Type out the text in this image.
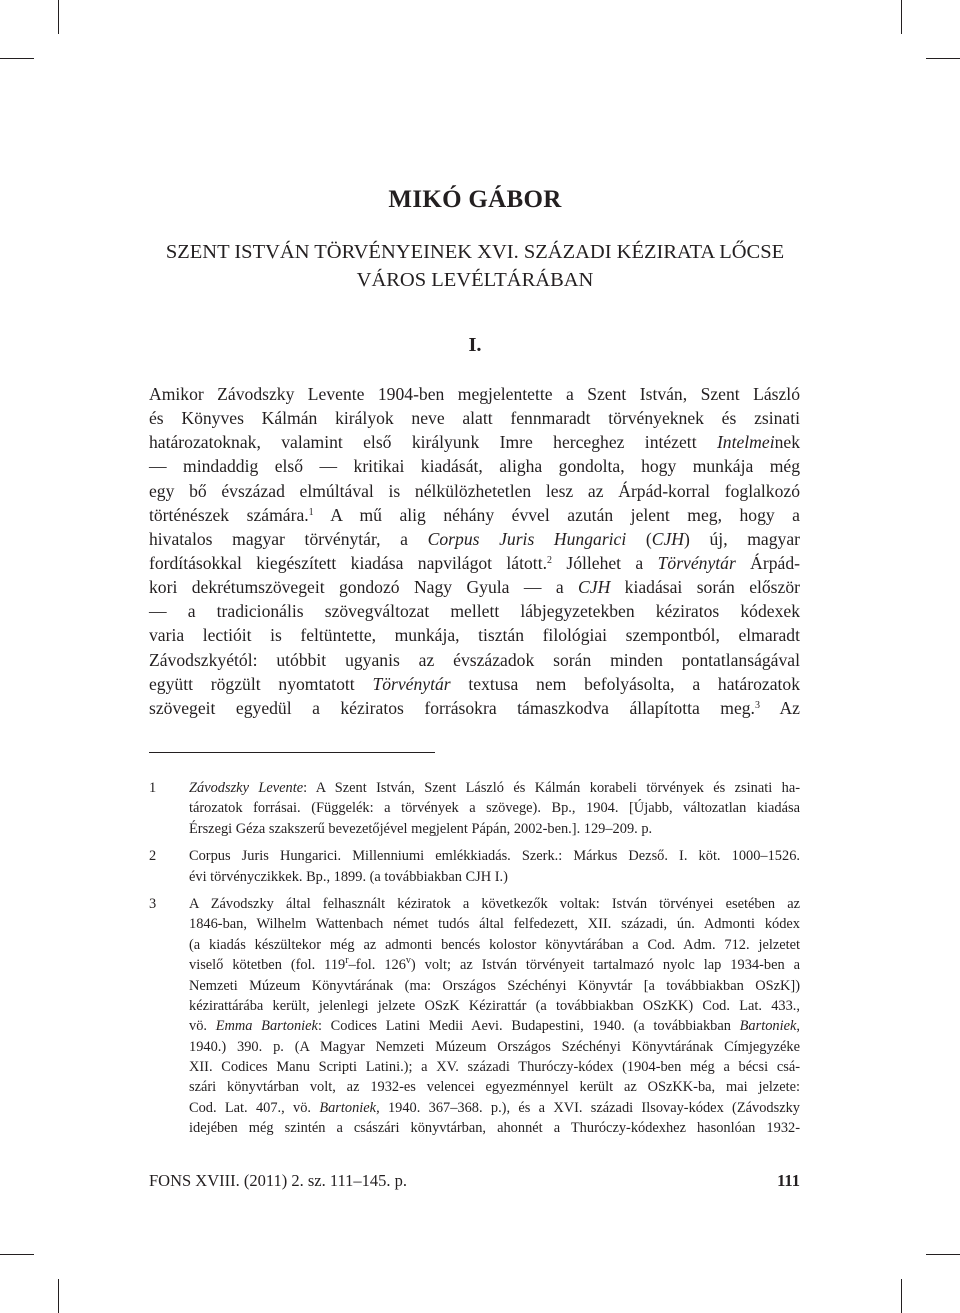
MIKÓ GÁBOR
SZENT ISTVÁN TÖRVÉNYEINEK XVI. SZÁZADI KÉZIRATA LŐCSE
VÁROS LEVÉLTÁRÁBAN
I.
Amikor Závodszky Levente 1904-ben megjelentette a Szent István, Szent László
és Könyves Kálmán királyok neve alatt fennmaradt törvényeknek és zsinati
határozatoknak, valamint első királyunk Imre herceghez intézett Intelmeinek
— mindaddig első — kritikai kiadását, aligha gondolta, hogy munkája még
egy bő évszázad elmúltával is nélkülözhetetlen lesz az Árpád-korral foglalkozó
történészek számára.$^1$ A mű alig néhány évvel azután jelent meg, hogy a
hivatalos magyar törvénytár, a Corpus Juris Hungarici (CJH) új, magyar
fordításokkal kiegészített kiadása napvilágot látott.$^2$ Jóllehet a Törvénytár Árpád-
kori dekrétumszövegeit gondozó Nagy Gyula — a CJH kiadásai során először
— a tradicionális szövegváltozat mellett lábjegyzetekben kéziratos kódexek
varia lectióit is feltüntette, munkája, tisztán filológiai szempontból, elmaradt
Závodszkyétól: utóbbit ugyanis az évszázadok során minden pontatlanságával
együtt rögzült nyomtatott Törvénytár textusa nem befolyásolta, a határozatok
szövegeit egyedül a kéziratos forrásokra támaszkodva állapította meg.$^3$ Az
1 Závodszky Levente: A Szent István, Szent László és Kálmán korabeli törvények és zsinati ha-
tározatok forrásai. (Függelék: a törvények a szövege). Bp., 1904. [Újabb, változatlan kiadása
Érszegi Géza szakszerű bevezetőjével megjelent Pápán, 2002-ben.]. 129–209. p.
2 Corpus Juris Hungarici. Millenniumi emlékkiadás. Szerk.: Márkus Dezső. I. köt. 1000–1526.
évi törvényczikkek. Bp., 1899. (a továbbiakban CJH I.)
3 A Závodszky által felhasznált kéziratok a következők voltak: István törvényei esetében az
1846-ban, Wilhelm Wattenbach német tudós által felfedezett, XII. századi, ún. Admonti kódex
(a kiadás készültekor még az admonti bencés kolostor könyvtárában a Cod. Adm. 712. jelzetet
viselő kötetben (fol. 119$^r$–fol. 126$^v$) volt; az István törvényeit tartalmazó nyolc lap 1934-ben a
Nemzeti Múzeum Könyvtárának (ma: Országos Széchényi Könyvtár [a továbbiakban OSzK])
kézirattárába került, jelenlegi jelzete OSzK Kézirattár (a továbbiakban OSzKK) Cod. Lat. 433.,
vö. Emma Bartoniek: Codices Latini Medii Aevi. Budapestini, 1940. (a továbbiakban Bartoniek,
1940.) 390. p. (A Magyar Nemzeti Múzeum Országos Széchényi Könyvtárának Címjegyzéke
XII. Codices Manu Scripti Latini.); a XV. századi Thuróczy-kódex (1904-ben még a bécsi csá-
szári könyvtárban volt, az 1932-es velencei egyezménnyel került az OSzKK-ba, mai jelzete:
Cod. Lat. 407., vö. Bartoniek, 1940. 367–368. p.), és a XVI. századi Ilsovay-kódex (Závodszky
idejében még szintén a császári könyvtárban, ahonnét a Thuróczy-kódexhez hasonlóan 1932-
FONS XVIII. (2011) 2. sz. 111–145. p.	111
